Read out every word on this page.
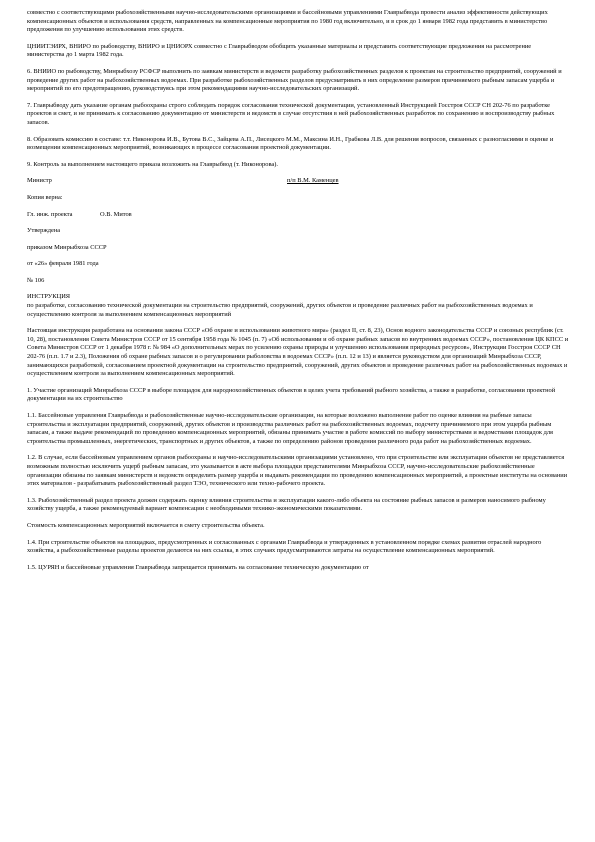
совместно с соответствующими рыбохозяйственными научно-исследовательскими организациями и бассейновыми управлениями Главрыбвода провести анализ эффективности действующих компенсационных объектов и использования средств, направленных на компенсационные мероприятия по 1980 год включительно, и в срок до 1 января 1982 года представить в министерство предложения по улучшению использования этих средств.

ЦНИИТЭИРХ, ВНИРО по рыбоводству, ВНИРО и ЦНИОРХ совместно с Главрыбводом обобщить указанные материалы и представить соответствующие предложения на рассмотрение министерства до 1 марта 1982 года.

6. ВНИИО по рыбоводству, Минрыбхозу РСФСР выполнить по заявкам министерств и ведомств разработку рыбохозяйственных разделов к проектам на строительство предприятий, сооружений и проведение других работ на рыбохозяйственных водоемах. При разработке рыбохозяйственных разделов предусматривать в них определение размеров причиняемого рыбным запасам ущерба и мероприятий по его предотвращению, руководствуясь при этом рекомендациями научно-исследовательских организаций.

7. Главрыбводу дать указание органам рыбоохраны строго соблюдать порядок согласования технической документации, установленный Инструкцией Госстроя СССР СН 202-76 по разработке проектов и смет, и не принимать к согласованию документацию от министерств и ведомств в случае отсутствия в ней рыбохозяйственных разработок по сохранению и воспроизводству рыбных запасов.

8. Образовать комиссию в составе: т.т. Никонорова И.В., Бутова В.С., Зайцева А.П., Лисецкого М.М., Максина И.Н., Грабкова Л.В. для решения вопросов, связанных с разногласиями в оценке и возмещении компенсационных мероприятий, возникающих в процессе согласования проектной документации.

9. Контроль за выполнением настоящего приказа возложить на Главрыбвод (т. Никонорова).

Министр	п/п В.М. Каменцев

Копия верна:

Гл. инж. проекта	О.В. Митов

Утверждена

приказом Минрыбхоза СССР

от «26» февраля 1981 года

№ 106

ИНСТРУКЦИЯ

по разработке, согласованию технической документации на строительство предприятий, сооружений, других объектов и проведение различных работ на рыбохозяйственных водоемах и осуществлению контроля за выполнением компенсационных мероприятий

Настоящая инструкция разработана на основании закона СССР «Об охране и использовании животного мира» (раздел II, ст. 8, 23), Основ водного законодательства СССР и союзных республик (ст. 10, 28), постановления Совета Министров СССР от 15 сентября 1958 года № 1045 (п. 7) «Об использовании и об охране рыбных запасов во внутренних водоемах СССР», постановления ЦК КПСС и Совета Министров СССР от 1 декабря 1978 г. № 984 «О дополнительных мерах по усилению охраны природы и улучшению использования природных ресурсов», Инструкции Госстроя СССР СН 202-76 (п.п. 1.7 и 2.3), Положения об охране рыбных запасов и о регулировании рыболовства в водоемах СССР» (п.п. 12 и 13) и является руководством для организаций Минрыбхоза СССР, занимающихся разработкой, согласованием проектной документации на строительство предприятий, сооружений, других объектов и проведение различных работ на рыбохозяйственных водоемах и осуществлением контроля за выполнением компенсационных мероприятий.

1. Участие организаций Минрыбхоза СССР в выборе площадок для народнохозяйственных объектов в целях учета требований рыбного хозяйства, а также в разработке, согласовании проектной документации на их строительство

1.1. Бассейновые управления Главрыбвода и рыбохозяйственные научно-исследовательские организации, на которые возложено выполнение работ по оценке влияния на рыбные запасы строительства и эксплуатации предприятий, сооружений, других объектов и производства различных работ на рыбохозяйственных водоемах, подсчету причиняемого при этом ущерба рыбным запасам, а также выдаче рекомендаций по проведению компенсационных мероприятий, обязаны принимать участие в работе комиссий по выбору министерствами и ведомствами площадок для строительства промышленных, энергетических, транспортных и других объектов, а также по определению районов проведения различного рода работ на рыбохозяйственных водоемах.

1.2. В случае, если бассейновым управлением органов рыбоохраны и научно-исследовательскими организациями установлено, что при строительстве или эксплуатации объектов не представляется возможным полностью исключить ущерб рыбным запасам, это указывается в акте выбора площадки представителями Минрыбхоза СССР, научно-исследовательские рыбохозяйственные организации обязаны по заявкам министерств и ведомств определить размер ущерба и выдавать рекомендации по проведению компенсационных мероприятий, а проектные институты на основании этих материалов - разрабатывать рыбохозяйственный раздел ТЭО, технического или техно-рабочего проекта.

1.3. Рыбохозяйственный раздел проекта должен содержать оценку влияния строительства и эксплуатации какого-либо объекта на состояние рыбных запасов и размеров наносимого рыбному хозяйству ущерба, а также рекомендуемый вариант компенсации с необходимыми технико-экономическими показателями.

Стоимость компенсационных мероприятий включается в смету строительства объекта.

1.4. При строительстве объектов на площадках, предусмотренных и согласованных с органами Главрыбвода и утвержденных в установленном порядке схемах развития отраслей народного хозяйства, а рыбохозяйственные разделы проектов делаются на них ссылка, в этих случаях предусматриваются затраты на осуществление компенсационных мероприятий.

1.5. ЦУРЯН и бассейновые управления Главрыбвода запрещается принимать на согласование техническую документацию от
